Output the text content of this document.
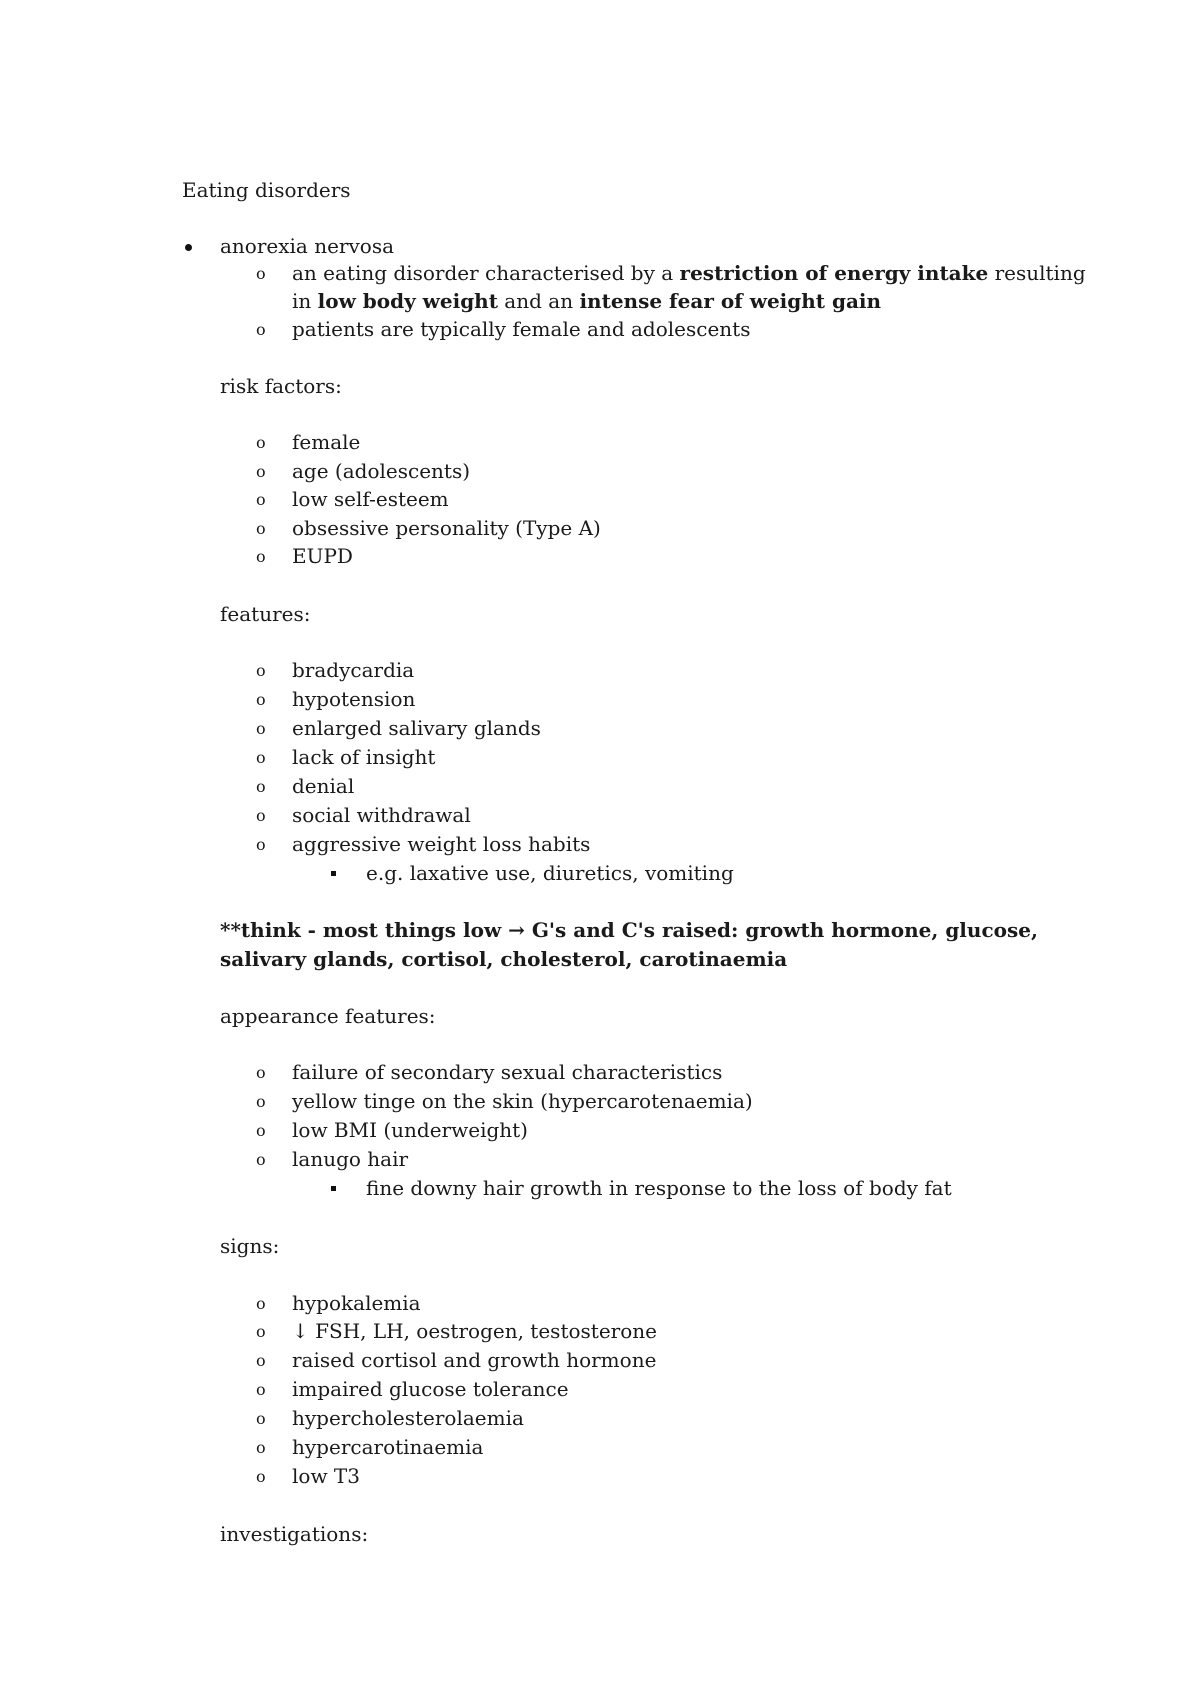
Eating disorders

anorexia nervosa

o an eating disorder characterised by a restriction of energy intake resulting

in low body weight and an intense fear of weight gain

o patients are typically female and adolescents

risk factors:

o female

o age (adolescents)

o low self-esteem

o obsessive personality (Type A)

o EUPD

features:

o bradycardia

o hypotension

o enlarged salivary glands

o lack of insight

o denial

o social withdrawal

o aggressive weight loss habits

e.g. laxative use, diuretics, vomiting

**think - most things low → G's and C's raised: growth hormone, glucose,

salivary glands, cortisol, cholesterol, carotinaemia

appearance features:

o failure of secondary sexual characteristics

o yellow tinge on the skin (hypercarotenaemia)

o low BMI (underweight)

o lanugo hair

fine downy hair growth in response to the loss of body fat

signs:

o hypokalemia

o ↓ FSH, LH, oestrogen, testosterone

o raised cortisol and growth hormone

o impaired glucose tolerance

o hypercholesterolaemia

o hypercarotinaemia

o low T3

investigations:
